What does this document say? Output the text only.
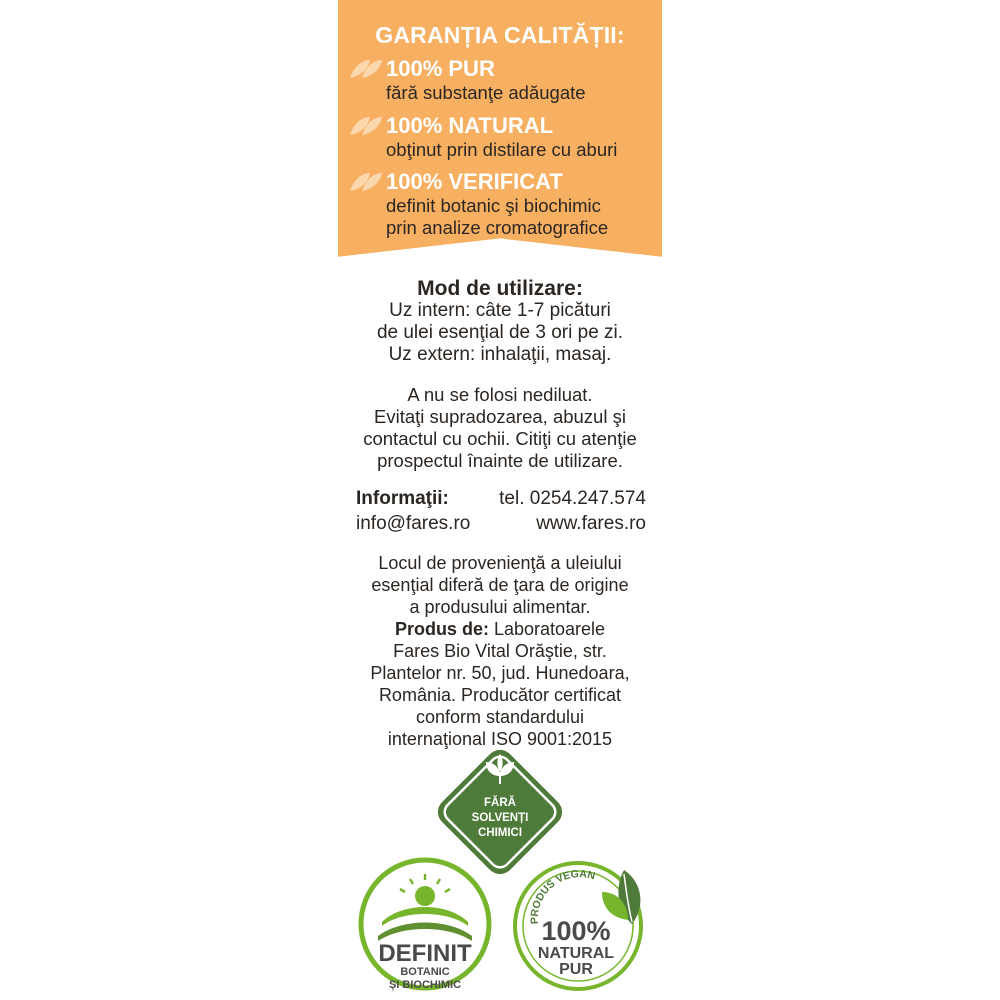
GARANȚIA CALITĂȚII:
100% PUR
fără substanţe adăugate
100% NATURAL
obţinut prin distilare cu aburi
100% VERIFICAT
definit botanic şi biochimic
prin analize cromatografice
Mod de utilizare:
Uz intern: câte 1-7 picături
de ulei esenţial de 3 ori pe zi.
Uz extern: inhalaţii, masaj.
A nu se folosi nediluat.
Evitaţi supradozarea, abuzul şi
contactul cu ochii. Citiţi cu atenţie
prospectul înainte de utilizare.
Informaţii:	tel. 0254.247.574
info@fares.ro	www.fares.ro
Locul de provenienţă a uleiului
esenţial diferă de ţara de origine
a produsului alimentar.
Produs de: Laboratoarele
Fares Bio Vital Orăştie, str.
Plantelor nr. 50, jud. Hunedoara,
România. Producător certificat
conform standardului
internaţional ISO 9001:2015
FĂRĂ
SOLVENȚI
CHIMICI
DEFINIT
BOTANIC
ȘI BIOCHIMIC
PRODUS VEGAN
100%
NATURAL
PUR
